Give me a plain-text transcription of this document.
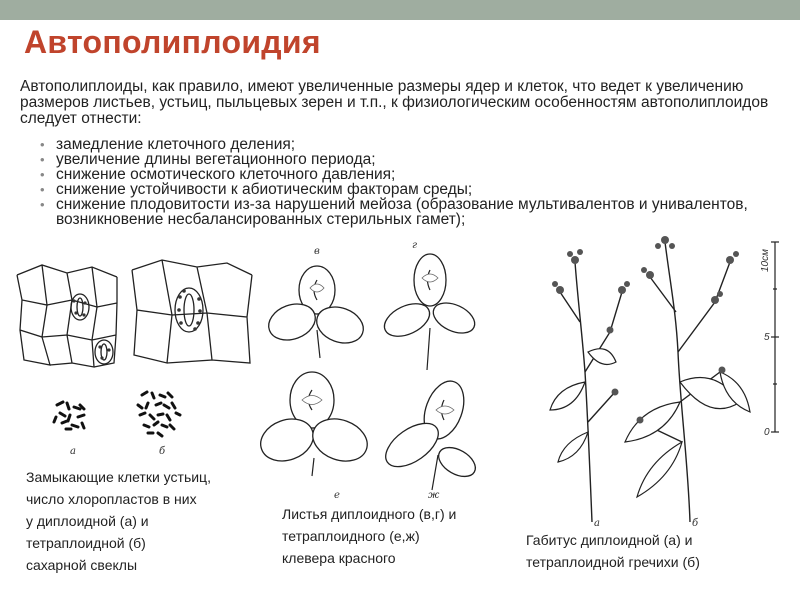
Автополиплоидия
Автополиплоиды, как правило, имеют увеличенные размеры ядер и клеток, что ведет к увеличению размеров листьев, устьиц, пыльцевых зерен и т.п., к физиологическим особенностям автополиплоидов следует отнести:
• замедление клеточного деления;
• увеличение длины вегетационного периода;
• снижение осмотического клеточного давления;
• снижение устойчивости к абиотическим факторам среды;
• снижение плодовитости из-за нарушений мейоза (образование мультивалентов и унивалентов, возникновение несбалансированных стерильных гамет);
а	б
Замыкающие клетки устьиц,
число хлоропластов в них
у диплоидной (а) и
тетраплоидной (б)
сахарной свеклы
в
г
е	ж
Листья диплоидного (в,г) и
тетраплоидного (е,ж)
клевера красного
0
5
10см
а	б
Габитус диплоидной (а) и
тетраплоидной гречихи (б)
